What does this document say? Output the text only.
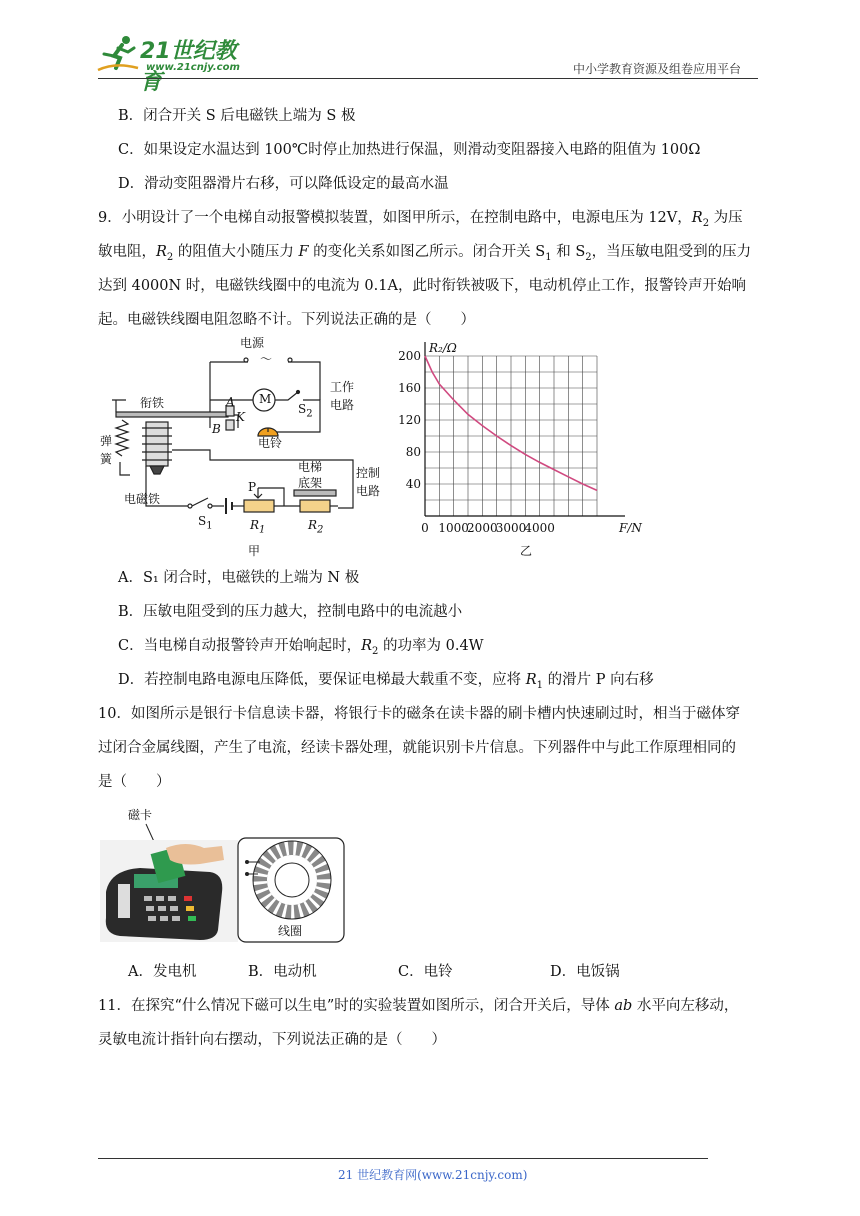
21世纪教育
www.21cnjy.com	中小学教育资源及组卷应用平台
B．闭合开关 S 后电磁铁上端为 S 极
C．如果设定水温达到 100℃时停止加热进行保温，则滑动变阻器接入电路的阻值为 100Ω
D．滑动变阻器滑片右移，可以降低设定的最高水温
9．小明设计了一个电梯自动报警模拟装置，如图甲所示，在控制电路中，电源电压为 12V，$R_2$ 为压
敏电阻，$R_2$ 的阻值大小随压力 F 的变化关系如图乙所示。闭合开关 $S_1$ 和 $S_2$，当压敏电阻受到的压力
达到 4000N 时，电磁铁线圈中的电流为 0.1A，此时衔铁被吸下，电动机停止工作，报警铃声开始响
起。电磁铁线圈电阻忽略不计。下列说法正确的是（　　）
电源
～
M
衔铁
工作
电路
A
K
B
$S_2$
电铃
弹
簧
电磁铁
电梯
底架
控制
电路
P
$S_1$	$R_1$	$R_2$
甲
0 1000
2000
3000
4000
40
80
120
160
200
R₂/Ω
F/N
乙
A．S₁ 闭合时，电磁铁的上端为 N 极
B．压敏电阻受到的压力越大，控制电路中的电流越小
C．当电梯自动报警铃声开始响起时，$R_2$ 的功率为 0.4W
D．若控制电路电源电压降低，要保证电梯最大载重不变，应将 $R_1$ 的滑片 P 向右移
10．如图所示是银行卡信息读卡器，将银行卡的磁条在读卡器的刷卡槽内快速刷过时，相当于磁体穿
过闭合金属线圈，产生了电流，经读卡器处理，就能识别卡片信息。下列器件中与此工作原理相同的
是（　　）
磁卡
线圈
A．发电机	B．电动机	C．电铃	D．电饭锅
11．在探究“什么情况下磁可以生电”时的实验装置如图所示，闭合开关后，导体 ab 水平向左移动，
灵敏电流计指针向右摆动，下列说法正确的是（　　）
21 世纪教育网(www.21cnjy.com)
